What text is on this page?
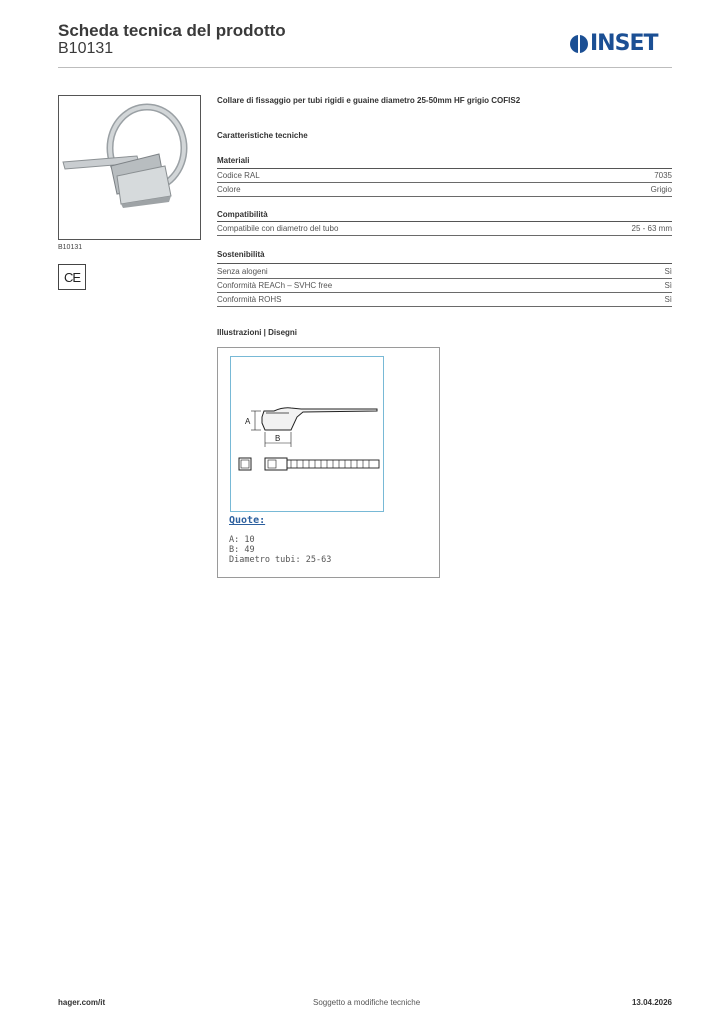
Scheda tecnica del prodotto
B10131	INSET
B10131
CE
Collare di fissaggio per tubi rigidi e guaine diametro 25-50mm HF grigio COFIS2
Caratteristiche tecniche
Materiali
Codice RAL	7035
Colore	Grigio
Compatibilità
Compatibile con diametro del tubo	25 - 63 mm
Sostenibilità
Senza alogeni	Sì
Conformità REACh – SVHC free	Sì
Conformità ROHS	Sì
Illustrazioni | Disegni
A
B
Quote:
A: 10
B: 49
Diametro tubi: 25-63
hager.com/it	Soggetto a modifiche tecniche	13.04.2026
